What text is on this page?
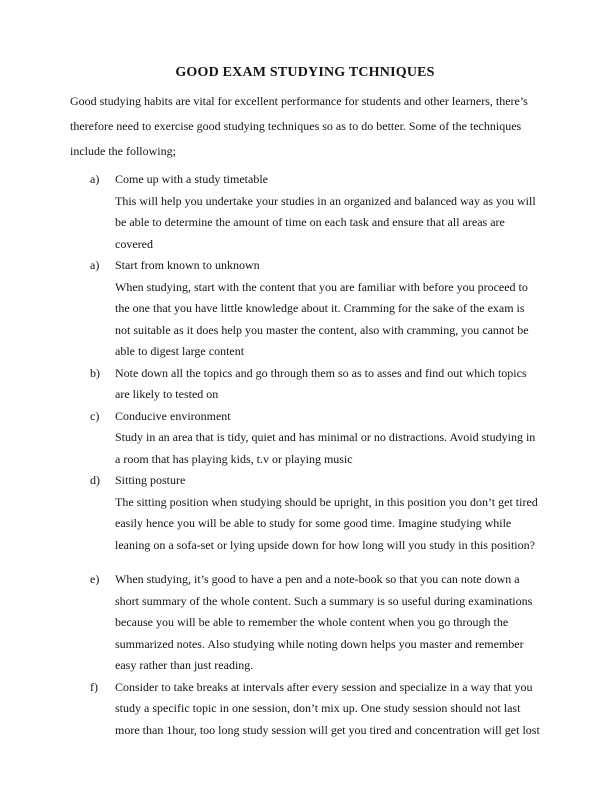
GOOD EXAM STUDYING TCHNIQUES

Good studying habits are vital for excellent performance for students and other learners, there’s therefore need to exercise good studying techniques so as to do better. Some of the techniques include the following;

a) Come up with a study timetable
This will help you undertake your studies in an organized and balanced way as you will be able to determine the amount of time on each task and ensure that all areas are covered
a) Start from known to unknown
When studying, start with the content that you are familiar with before you proceed to the one that you have little knowledge about it. Cramming for the sake of the exam is not suitable as it does help you master the content, also with cramming, you cannot be able to digest large content
b) Note down all the topics and go through them so as to asses and find out which topics are likely to tested on
c) Conducive environment
Study in an area that is tidy, quiet and has minimal or no distractions. Avoid studying in a room that has playing kids, t.v or playing music
d) Sitting posture
The sitting position when studying should be upright, in this position you don’t get tired easily hence you will be able to study for some good time. Imagine studying while leaning on a sofa-set or lying upside down for how long will you study in this position?
e) When studying, it’s good to have a pen and a note-book so that you can note down a short summary of the whole content. Such a summary is so useful during examinations because you will be able to remember the whole content when you go through the summarized notes. Also studying while noting down helps you master and remember easy rather than just reading.
f) Consider to take breaks at intervals after every session and specialize in a way that you study a specific topic in one session, don’t mix up. One study session should not last more than 1hour, too long study session will get you tired and concentration will get lost
